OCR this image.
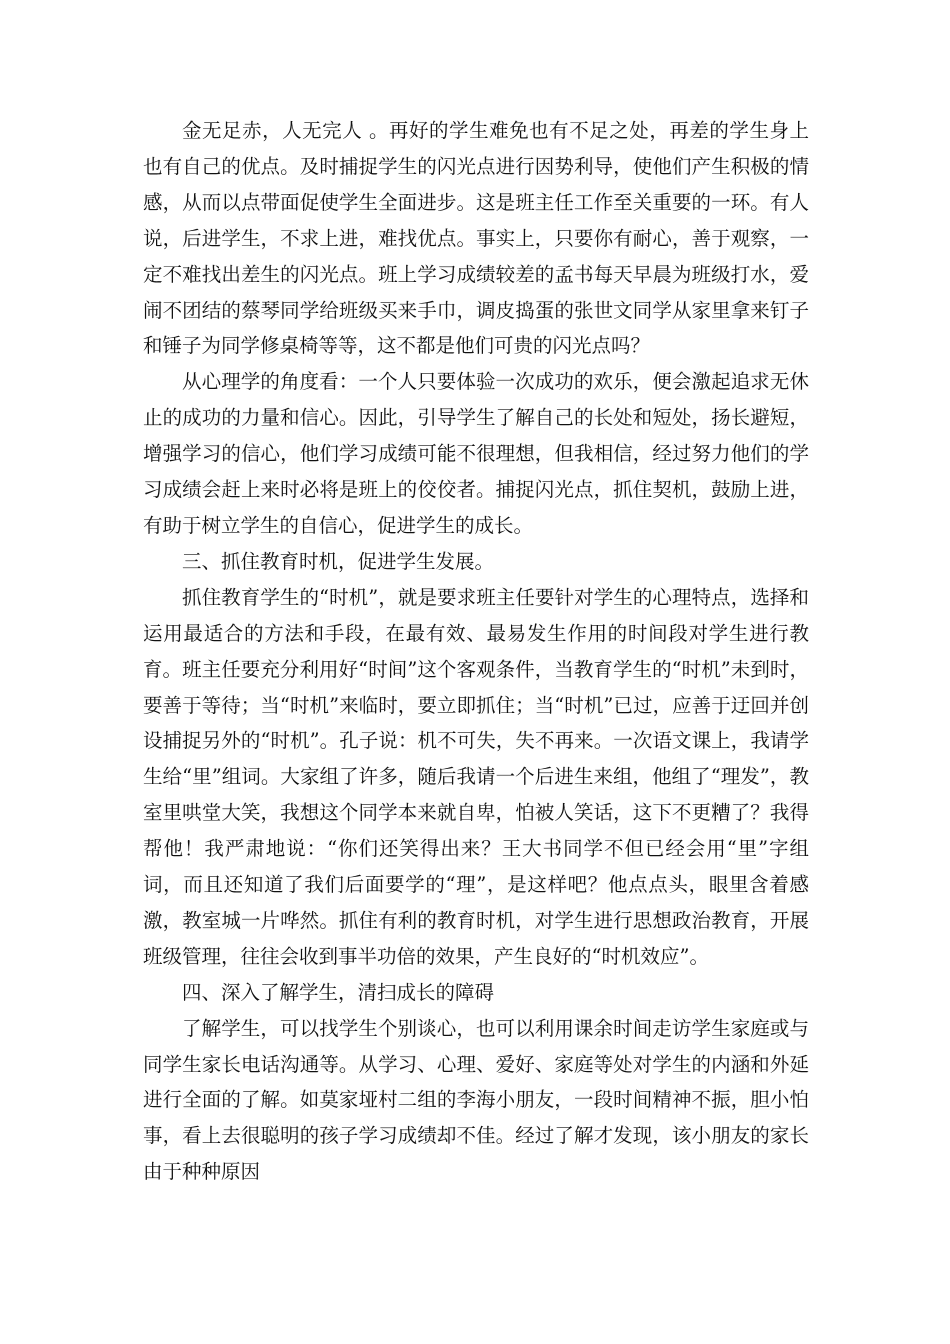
金无足赤，人无完人 。再好的学生难免也有不足之处，再差的学生身上也有自己的优点。及时捕捉学生的闪光点进行因势利导，使他们产生积极的情感，从而以点带面促使学生全面进步。这是班主任工作至关重要的一环。有人说，后进学生，不求上进，难找优点。事实上，只要你有耐心，善于观察，一定不难找出差生的闪光点。班上学习成绩较差的孟书每天早晨为班级打水，爱闹不团结的蔡琴同学给班级买来手巾，调皮捣蛋的张世文同学从家里拿来钉子和锤子为同学修桌椅等等，这不都是他们可贵的闪光点吗？

从心理学的角度看：一个人只要体验一次成功的欢乐，便会激起追求无休止的成功的力量和信心。因此，引导学生了解自己的长处和短处，扬长避短，增强学习的信心，他们学习成绩可能不很理想，但我相信，经过努力他们的学习成绩会赶上来时必将是班上的佼佼者。捕捉闪光点，抓住契机，鼓励上进，有助于树立学生的自信心，促进学生的成长。

三、抓住教育时机，促进学生发展。

抓住教育学生的“时机”，就是要求班主任要针对学生的心理特点，选择和运用最适合的方法和手段，在最有效、最易发生作用的时间段对学生进行教育。班主任要充分利用好“时间”这个客观条件，当教育学生的“时机”未到时，要善于等待；当“时机”来临时，要立即抓住；当“时机”已过，应善于迂回并创设捕捉另外的“时机”。孔子说：机不可失，失不再来。一次语文课上，我请学生给“里”组词。大家组了许多，随后我请一个后进生来组，他组了“理发”，教室里哄堂大笑，我想这个同学本来就自卑，怕被人笑话，这下不更糟了？我得帮他！我严肃地说：“你们还笑得出来？王大书同学不但已经会用“里”字组词，而且还知道了我们后面要学的“理”，是这样吧？他点点头，眼里含着感激，教室城一片哗然。抓住有利的教育时机，对学生进行思想政治教育，开展班级管理，往往会收到事半功倍的效果，产生良好的“时机效应”。

四、深入了解学生，清扫成长的障碍

了解学生，可以找学生个别谈心，也可以利用课余时间走访学生家庭或与同学生家长电话沟通等。从学习、心理、爱好、家庭等处对学生的内涵和外延进行全面的了解。如莫家垭村二组的李海小朋友，一段时间精神不振，胆小怕事，看上去很聪明的孩子学习成绩却不佳。经过了解才发现，该小朋友的家长由于种种原因
